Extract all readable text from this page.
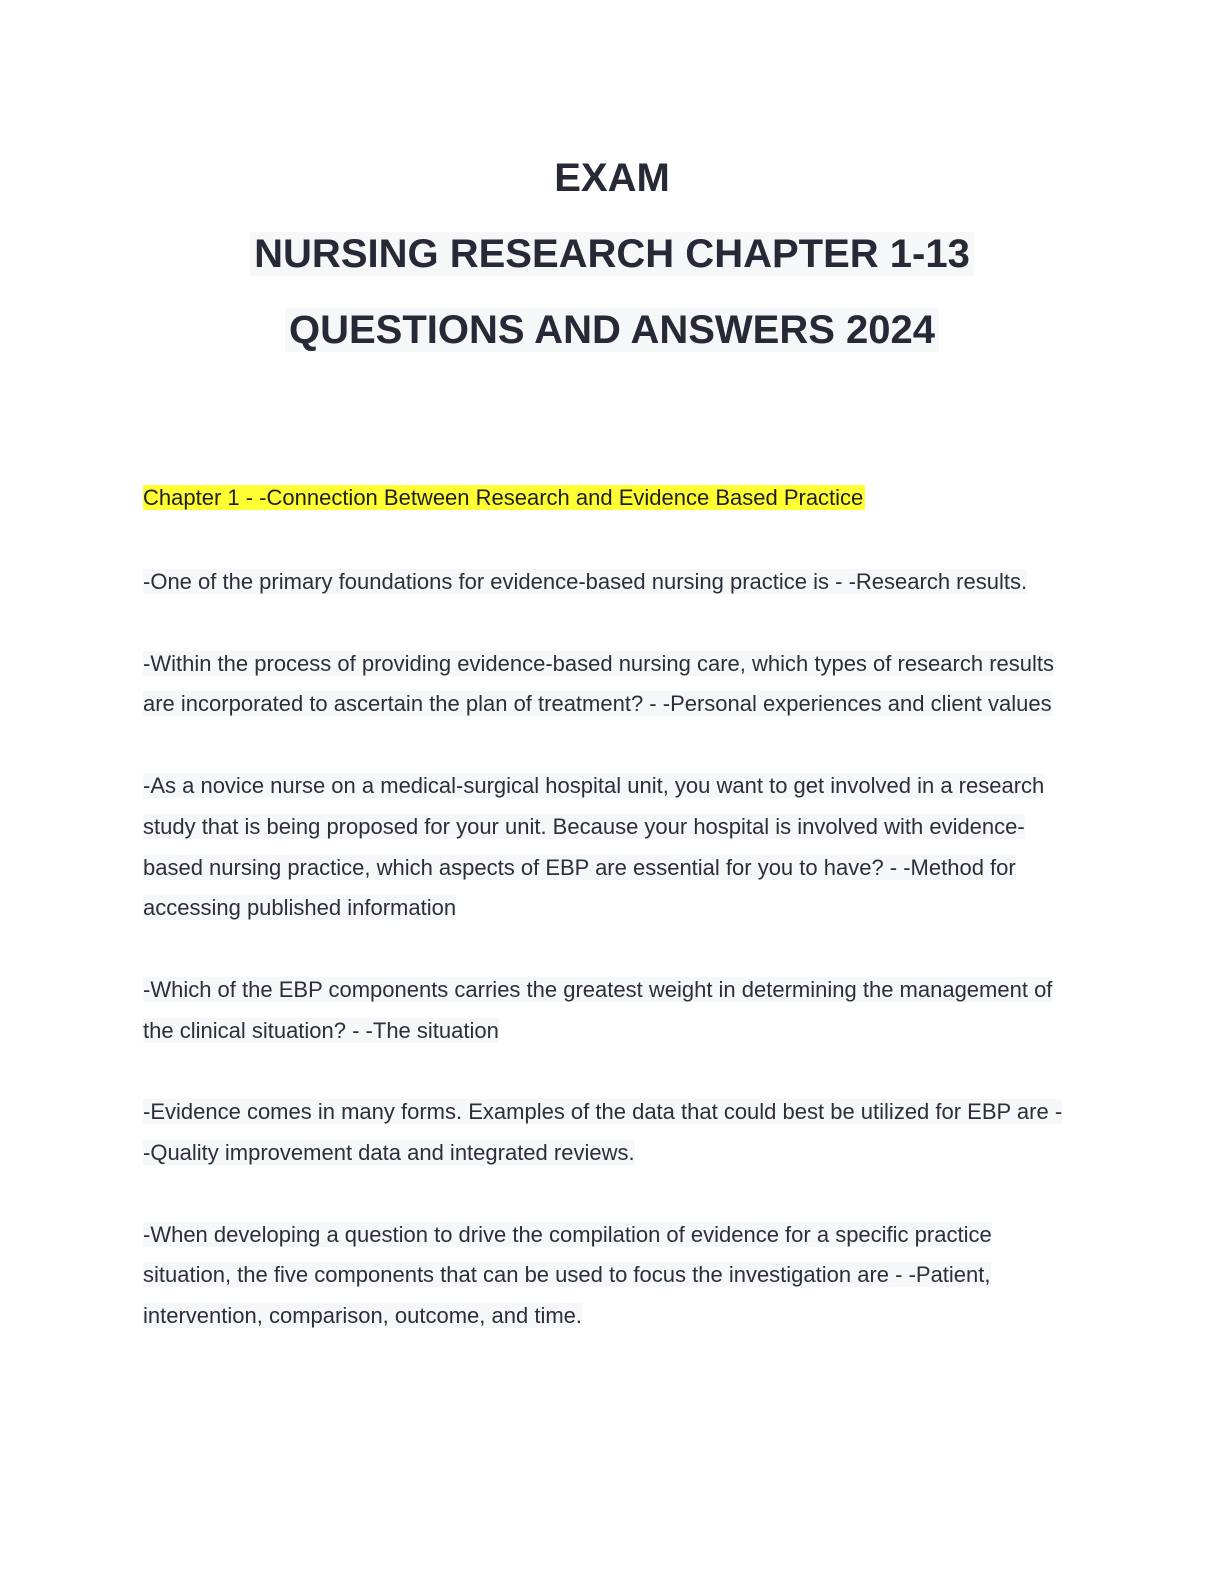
EXAM
NURSING RESEARCH CHAPTER 1-13
QUESTIONS AND ANSWERS 2024
Chapter 1 - -Connection Between Research and Evidence Based Practice

-One of the primary foundations for evidence-based nursing practice is - -Research results.

-Within the process of providing evidence-based nursing care, which types of research results are incorporated to ascertain the plan of treatment? - -Personal experiences and client values

-As a novice nurse on a medical-surgical hospital unit, you want to get involved in a research study that is being proposed for your unit. Because your hospital is involved with evidence-based nursing practice, which aspects of EBP are essential for you to have? - -Method for accessing published information

-Which of the EBP components carries the greatest weight in determining the management of the clinical situation? - -The situation

-Evidence comes in many forms. Examples of the data that could best be utilized for EBP are - -Quality improvement data and integrated reviews.

-When developing a question to drive the compilation of evidence for a specific practice situation, the five components that can be used to focus the investigation are - -Patient, intervention, comparison, outcome, and time.
